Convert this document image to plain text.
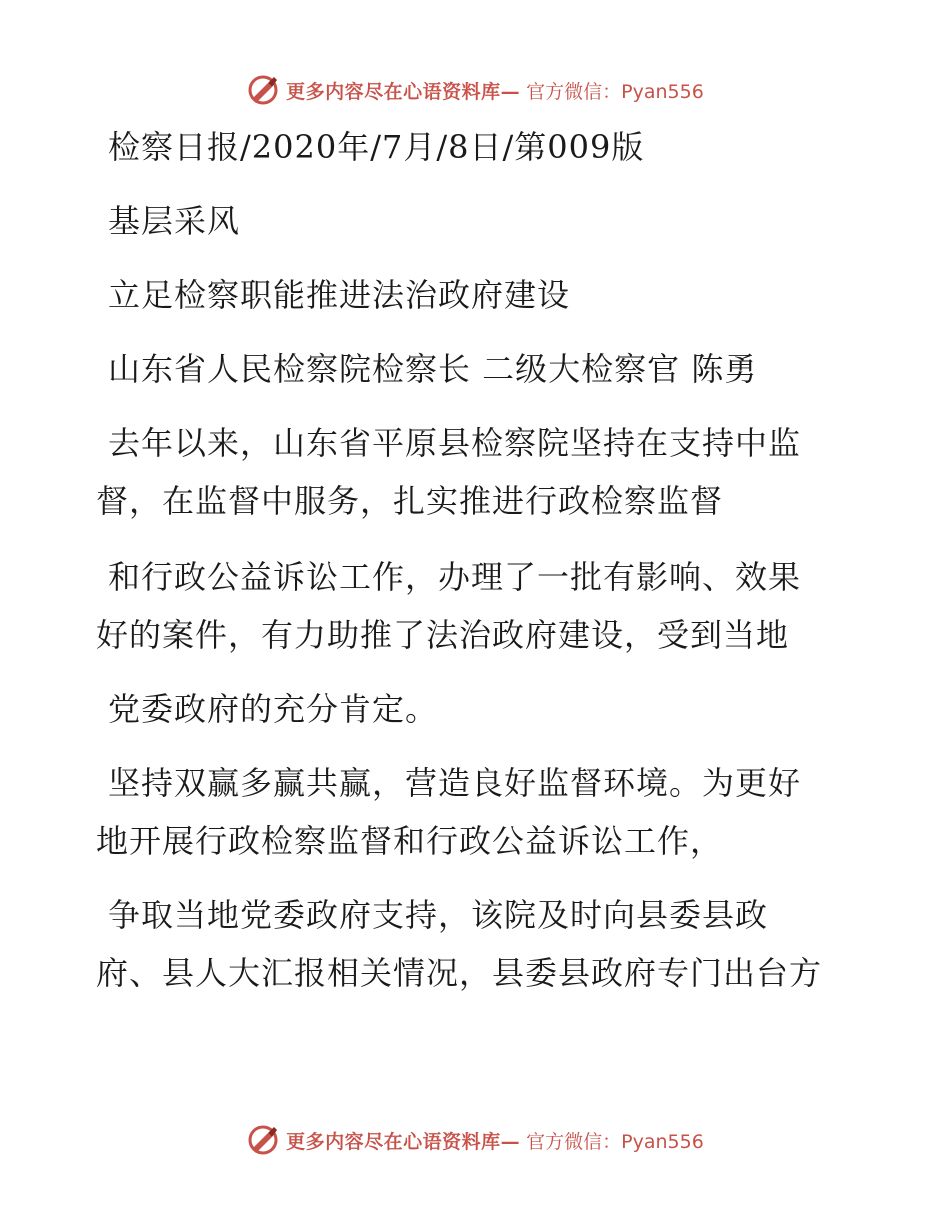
更多内容尽在心语资料库— 官方微信：Pyan556
检察日报/2020年/7月/8日/第009版
基层采风
立足检察职能推进法治政府建设
山东省人民检察院检察长 二级大检察官 陈勇
去年以来，山东省平原县检察院坚持在支持中监
督，在监督中服务，扎实推进行政检察监督
和行政公益诉讼工作，办理了一批有影响、效果
好的案件，有力助推了法治政府建设，受到当地
党委政府的充分肯定。
坚持双赢多赢共赢，营造良好监督环境。为更好
地开展行政检察监督和行政公益诉讼工作，
争取当地党委政府支持，该院及时向县委县政
府、县人大汇报相关情况，县委县政府专门出台方
更多内容尽在心语资料库— 官方微信：Pyan556
